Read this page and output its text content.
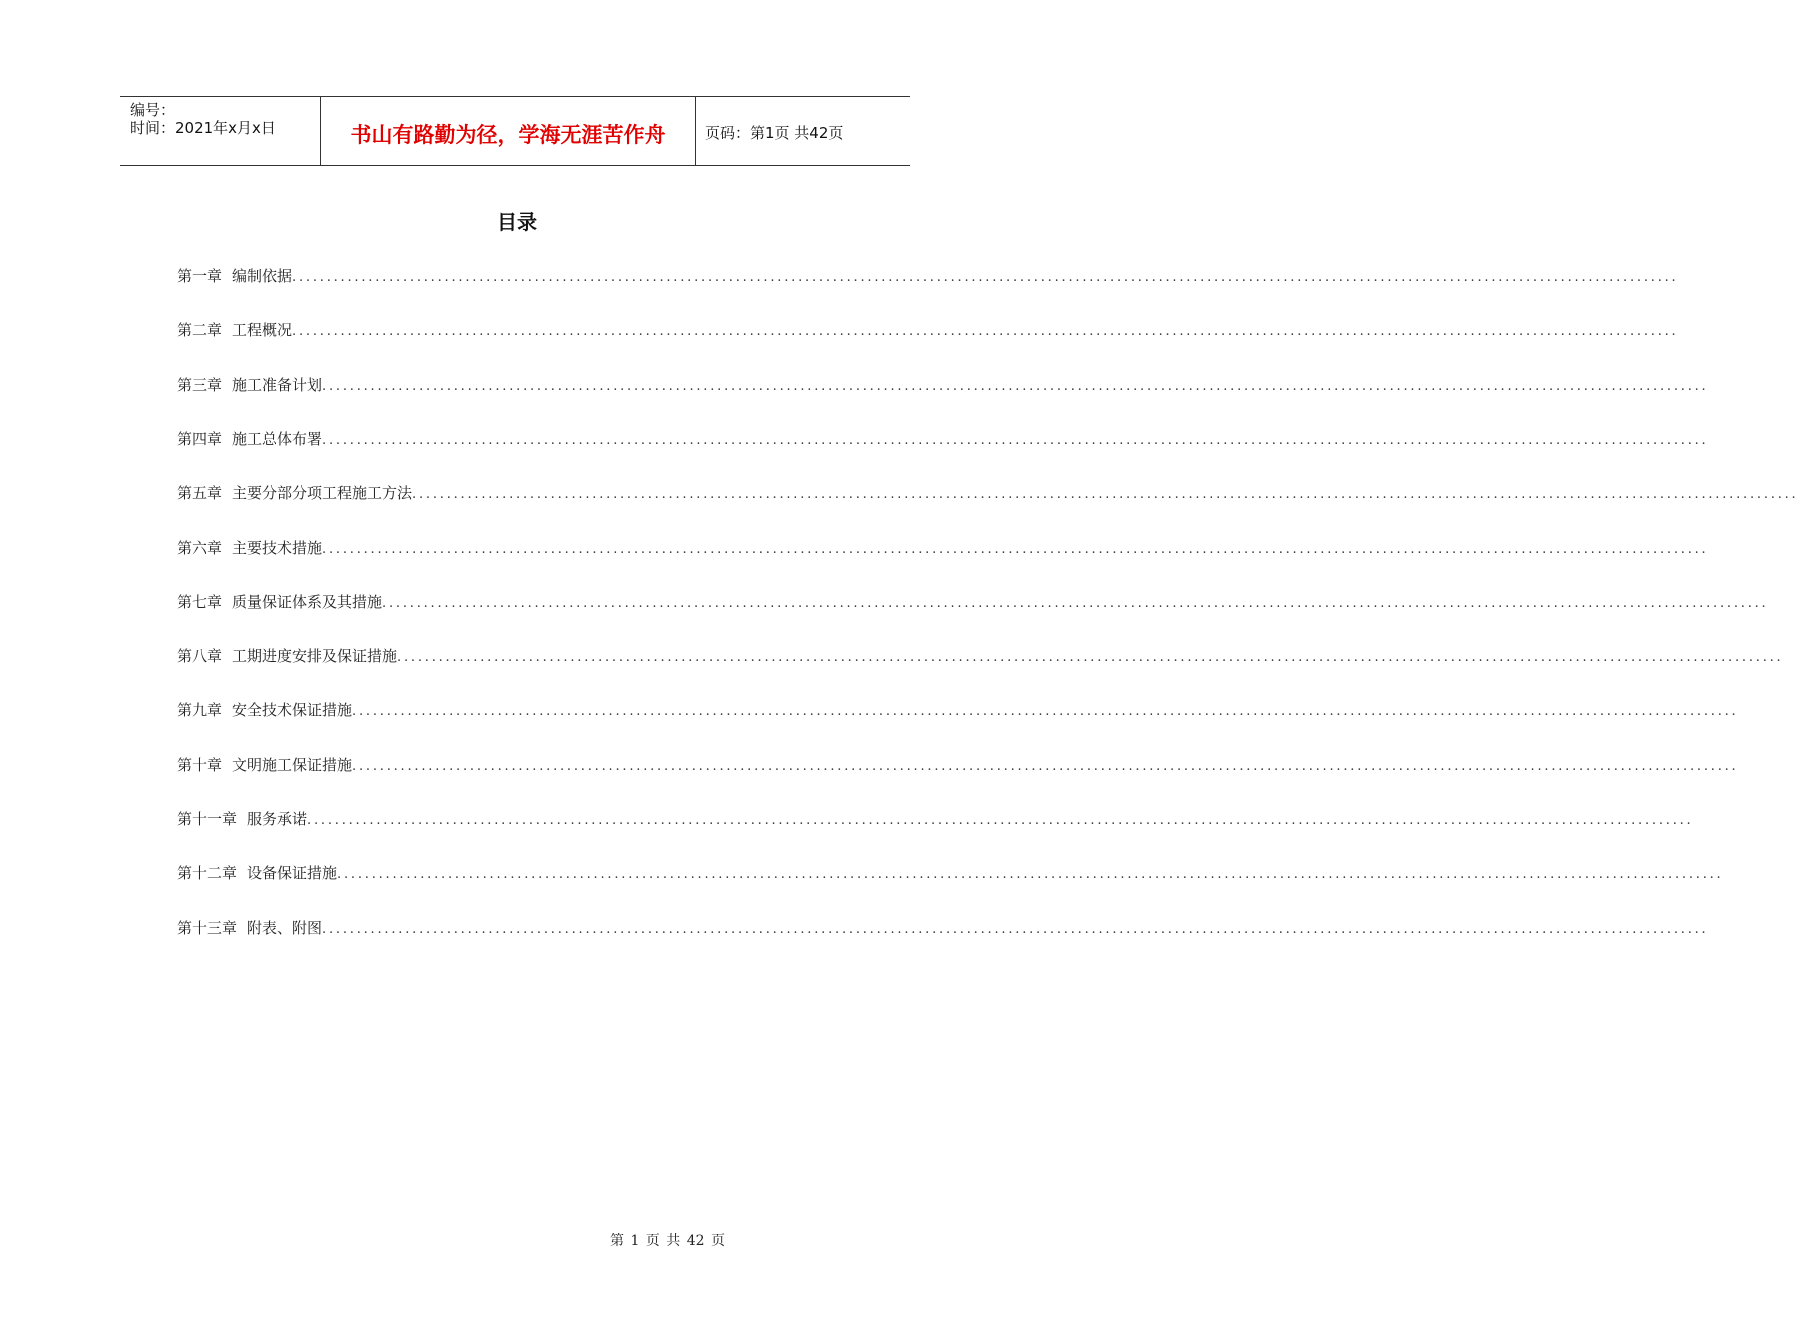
编号：
时间：2021年x月x日	书山有路勤为径，学海无涯苦作舟	页码：第1页 共42页
目录
第一章 编制依据 ........................................................................................................................................................................................................
第二章 工程概况 ........................................................................................................................................................................................................
第三章 施工准备计划 ........................................................................................................................................................................................................
第四章 施工总体布署 ........................................................................................................................................................................................................
第五章 主要分部分项工程施工方法 ........................................................................................................................................................................................................
第六章 主要技术措施 ........................................................................................................................................................................................................
第七章 质量保证体系及其措施 ........................................................................................................................................................................................................
第八章 工期进度安排及保证措施 ........................................................................................................................................................................................................
第九章 安全技术保证措施 ........................................................................................................................................................................................................
第十章 文明施工保证措施 ........................................................................................................................................................................................................
第十一章 服务承诺 ........................................................................................................................................................................................................
第十二章 设备保证措施 ........................................................................................................................................................................................................
第十三章 附表、附图 ........................................................................................................................................................................................................
第 1 页 共 42 页
